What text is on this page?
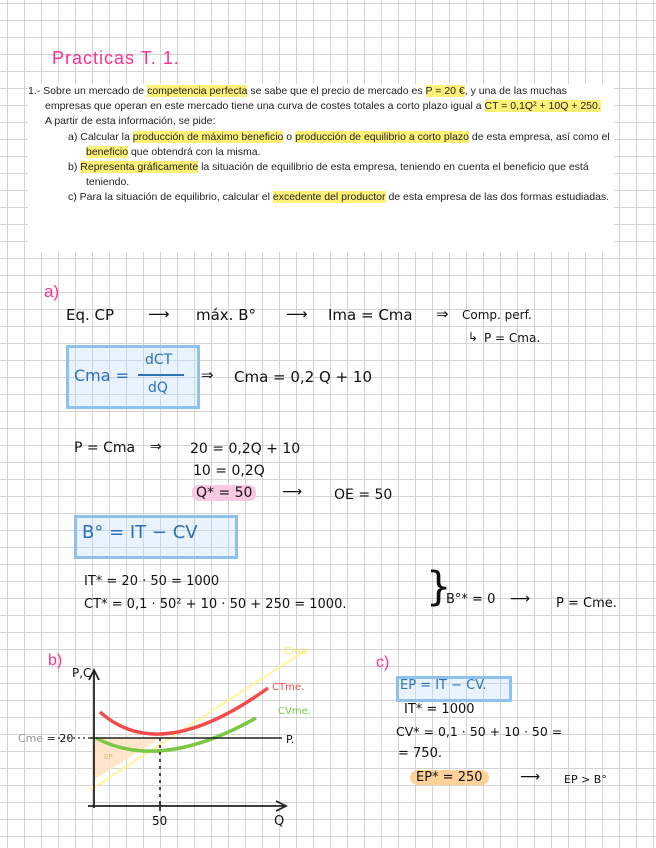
Practicas T. 1.

1.- Sobre un mercado de competencia perfecta se sabe que el precio de mercado es P = 20 €, y una de las muchas empresas que operan en este mercado tiene una curva de costes totales a corto plazo igual a CT = 0,1Q² + 10Q + 250.

A partir de esta información, se pide:

a) Calcular la producción de máximo beneficio o producción de equilibrio a corto plazo de esta empresa, así como el beneficio que obtendrá con la misma.

b) Representa gráficamente la situación de equilibrio de esta empresa, teniendo en cuenta el beneficio que está teniendo.

c) Para la situación de equilibrio, calcular el excedente del productor de esta empresa de las dos formas estudiadas.

a)
Eq. CP ⟶ máx. B° ⟶ Ima = Cma ⇒ Comp. perf.
↳ P = Cma.
Cma =
dCT
dQ
⇒ Cma = 0,2 Q + 10
P = Cma ⇒ 20 = 0,2Q + 10
10 = 0,2Q
Q* = 50 ⟶ OE = 50
B° = IT − CV
IT* = 20 · 50 = 1000
CT* = 0,1 · 50² + 10 · 50 + 250 = 1000. }
B°* = 0 ⟶ P = Cme.
b)
P,C
Q
P.
Cme = 20
50
Cma
CTme.
CVme.
EP
c)
EP = IT − CV.
IT* = 1000
CV* = 0,1 · 50 + 10 · 50 =
= 750.
EP* = 250	⟶ EP > B°
